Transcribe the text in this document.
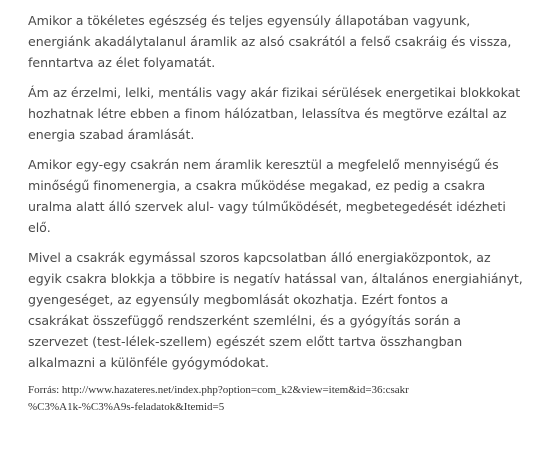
Amikor a tökéletes egészség és teljes egyensúly állapotában vagyunk,
energiánk akadálytalanul áramlik az alsó csakrától a felső csakráig és vissza,
fenntartva az élet folyamatát.

Ám az érzelmi, lelki, mentális vagy akár fizikai sérülések energetikai blokkokat
hozhatnak létre ebben a finom hálózatban, lelassítva és megtörve ezáltal az
energia szabad áramlását.

Amikor egy-egy csakrán nem áramlik keresztül a megfelelő mennyiségű és
minőségű finomenergia, a csakra működése megakad, ez pedig a csakra
uralma alatt álló szervek alul- vagy túlműködését, megbetegedését idézheti
elő.

Mivel a csakrák egymással szoros kapcsolatban álló energiaközpontok, az
egyik csakra blokkja a többire is negatív hatással van, általános energiahiányt,
gyengeséget, az egyensúly megbomlását okozhatja. Ezért fontos a
csakrákat összefüggő rendszerként szemlélni, és a gyógyítás során a
szervezet (test-lélek-szellem) egészét szem előtt tartva összhangban
alkalmazni a különféle gyógymódokat.

Forrás: http://www.hazateres.net/index.php?option=com_k2&view=item&id=36:csakr
%C3%A1k-%C3%A9s-feladatok&Itemid=5
